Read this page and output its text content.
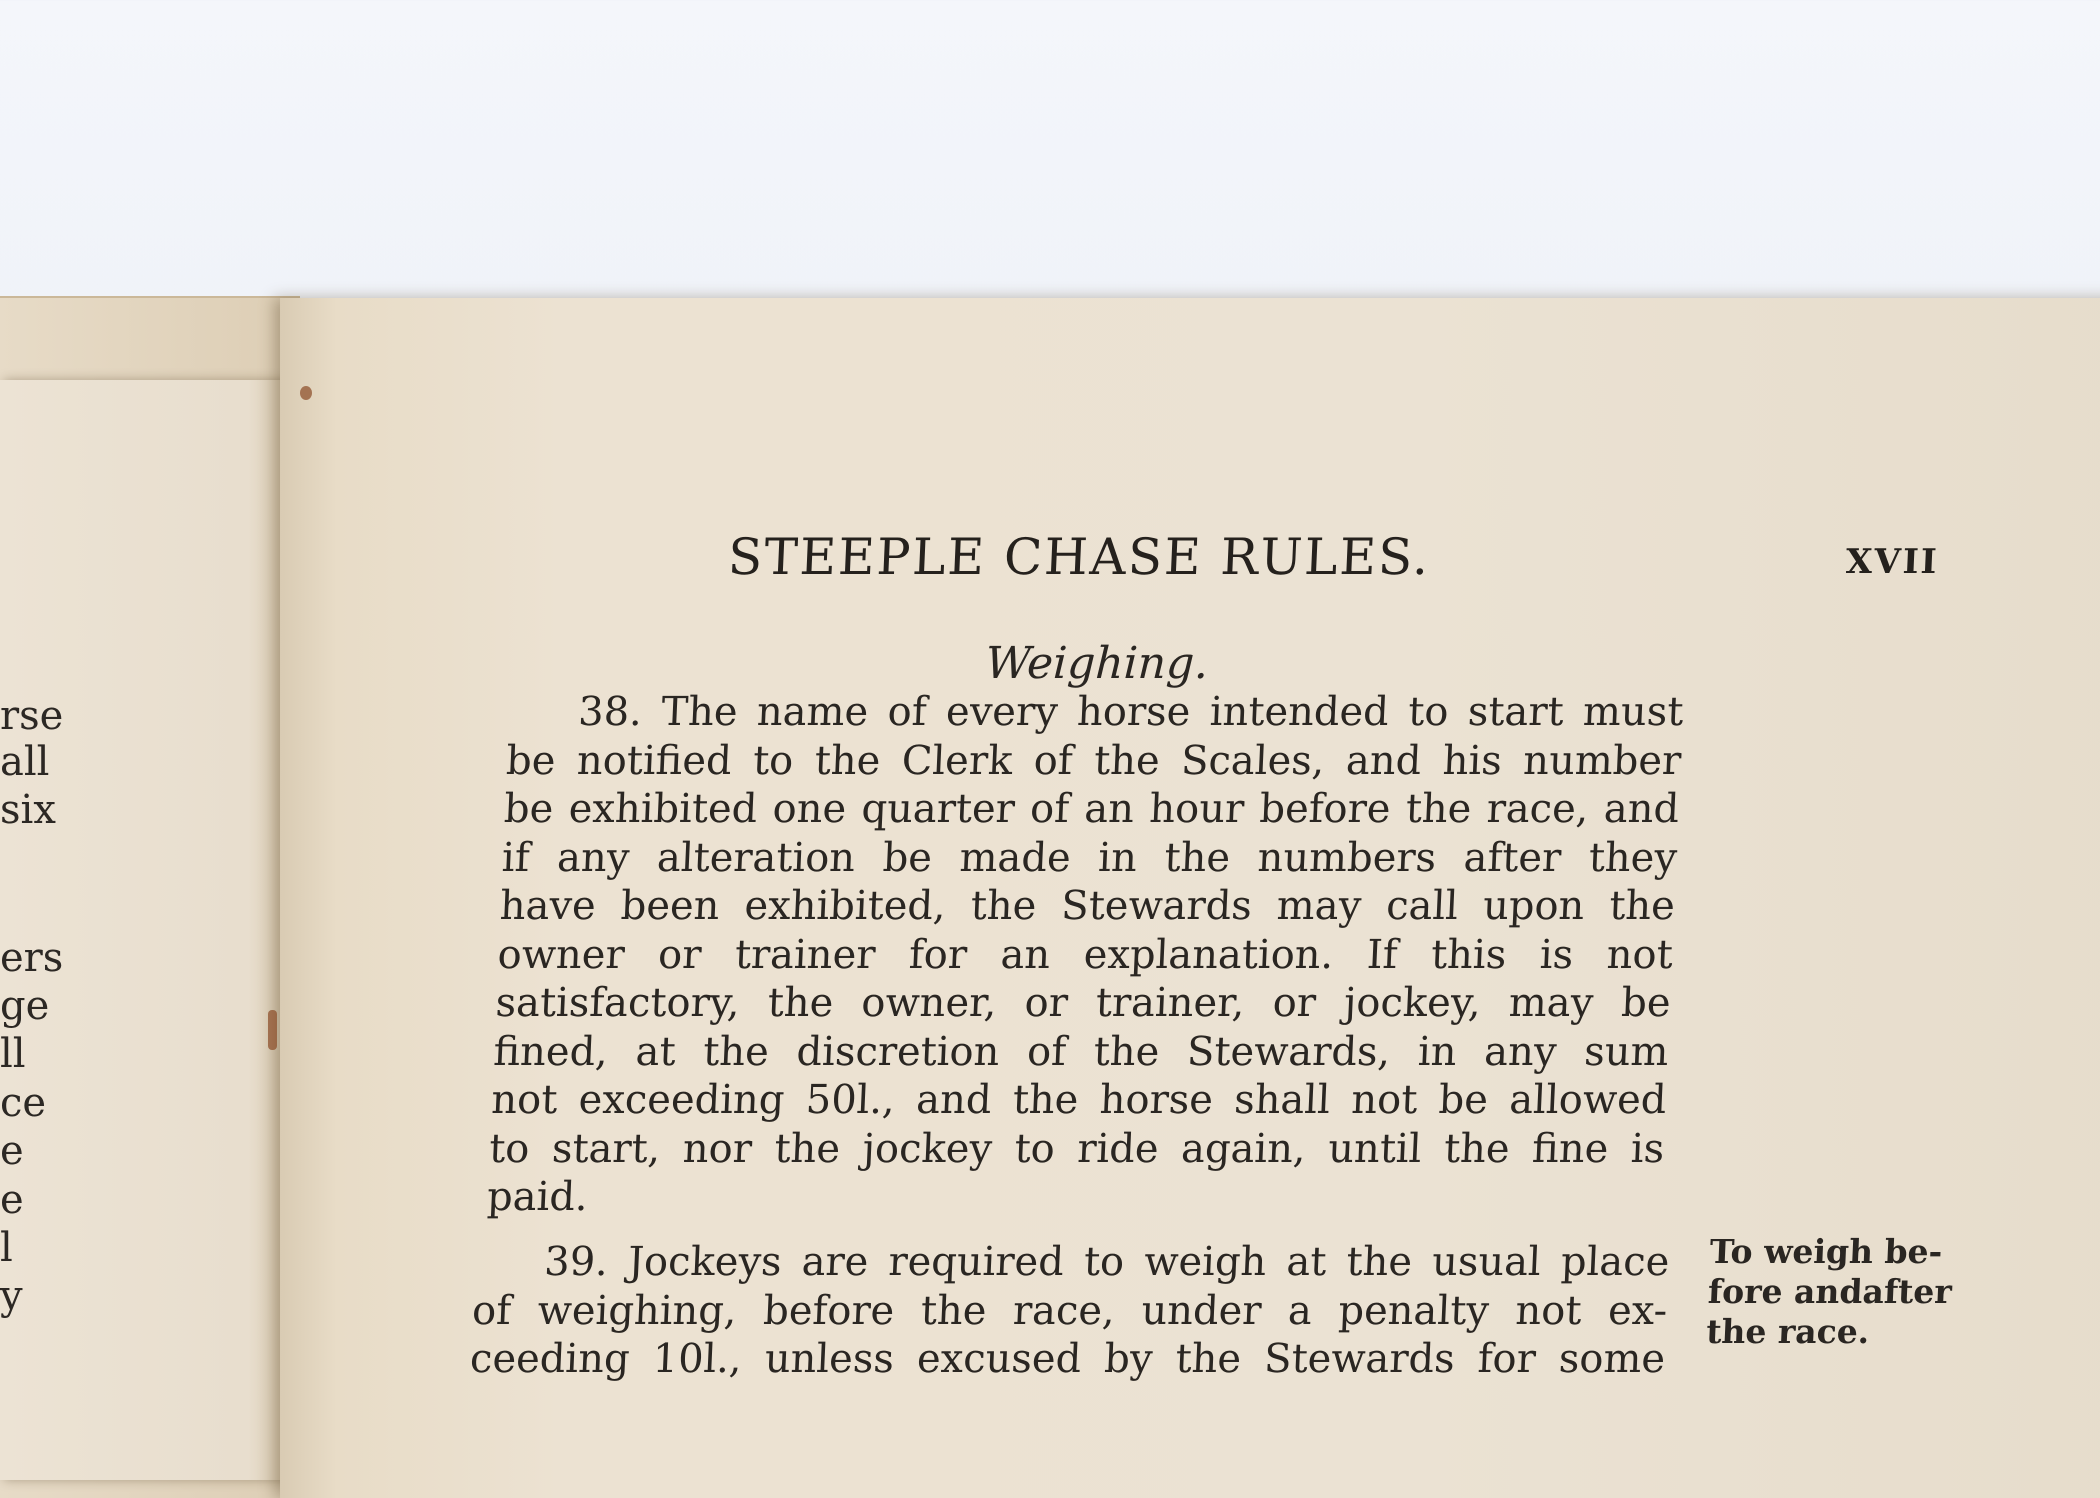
rse
all
six
ers
ge
ll
ce
e
e
l
y
STEEPLE CHASE RULES.	XVII
Weighing.
38. The name of every horse intended to start must
be notified to the Clerk of the Scales, and his number
be exhibited one quarter of an hour before the race, and
if any alteration be made in the numbers after they
have been exhibited, the Stewards may call upon the
owner or trainer for an explanation. If this is not
satisfactory, the owner, or trainer, or jockey, may be
fined, at the discretion of the Stewards, in any sum
not exceeding 50l., and the horse shall not be allowed
to start, nor the jockey to ride again, until the fine is
paid.
39. Jockeys are required to weigh at the usual place
of weighing, before the race, under a penalty not ex-
ceeding 10l., unless excused by the Stewards for some
To weigh be-
fore andafter
the race.
